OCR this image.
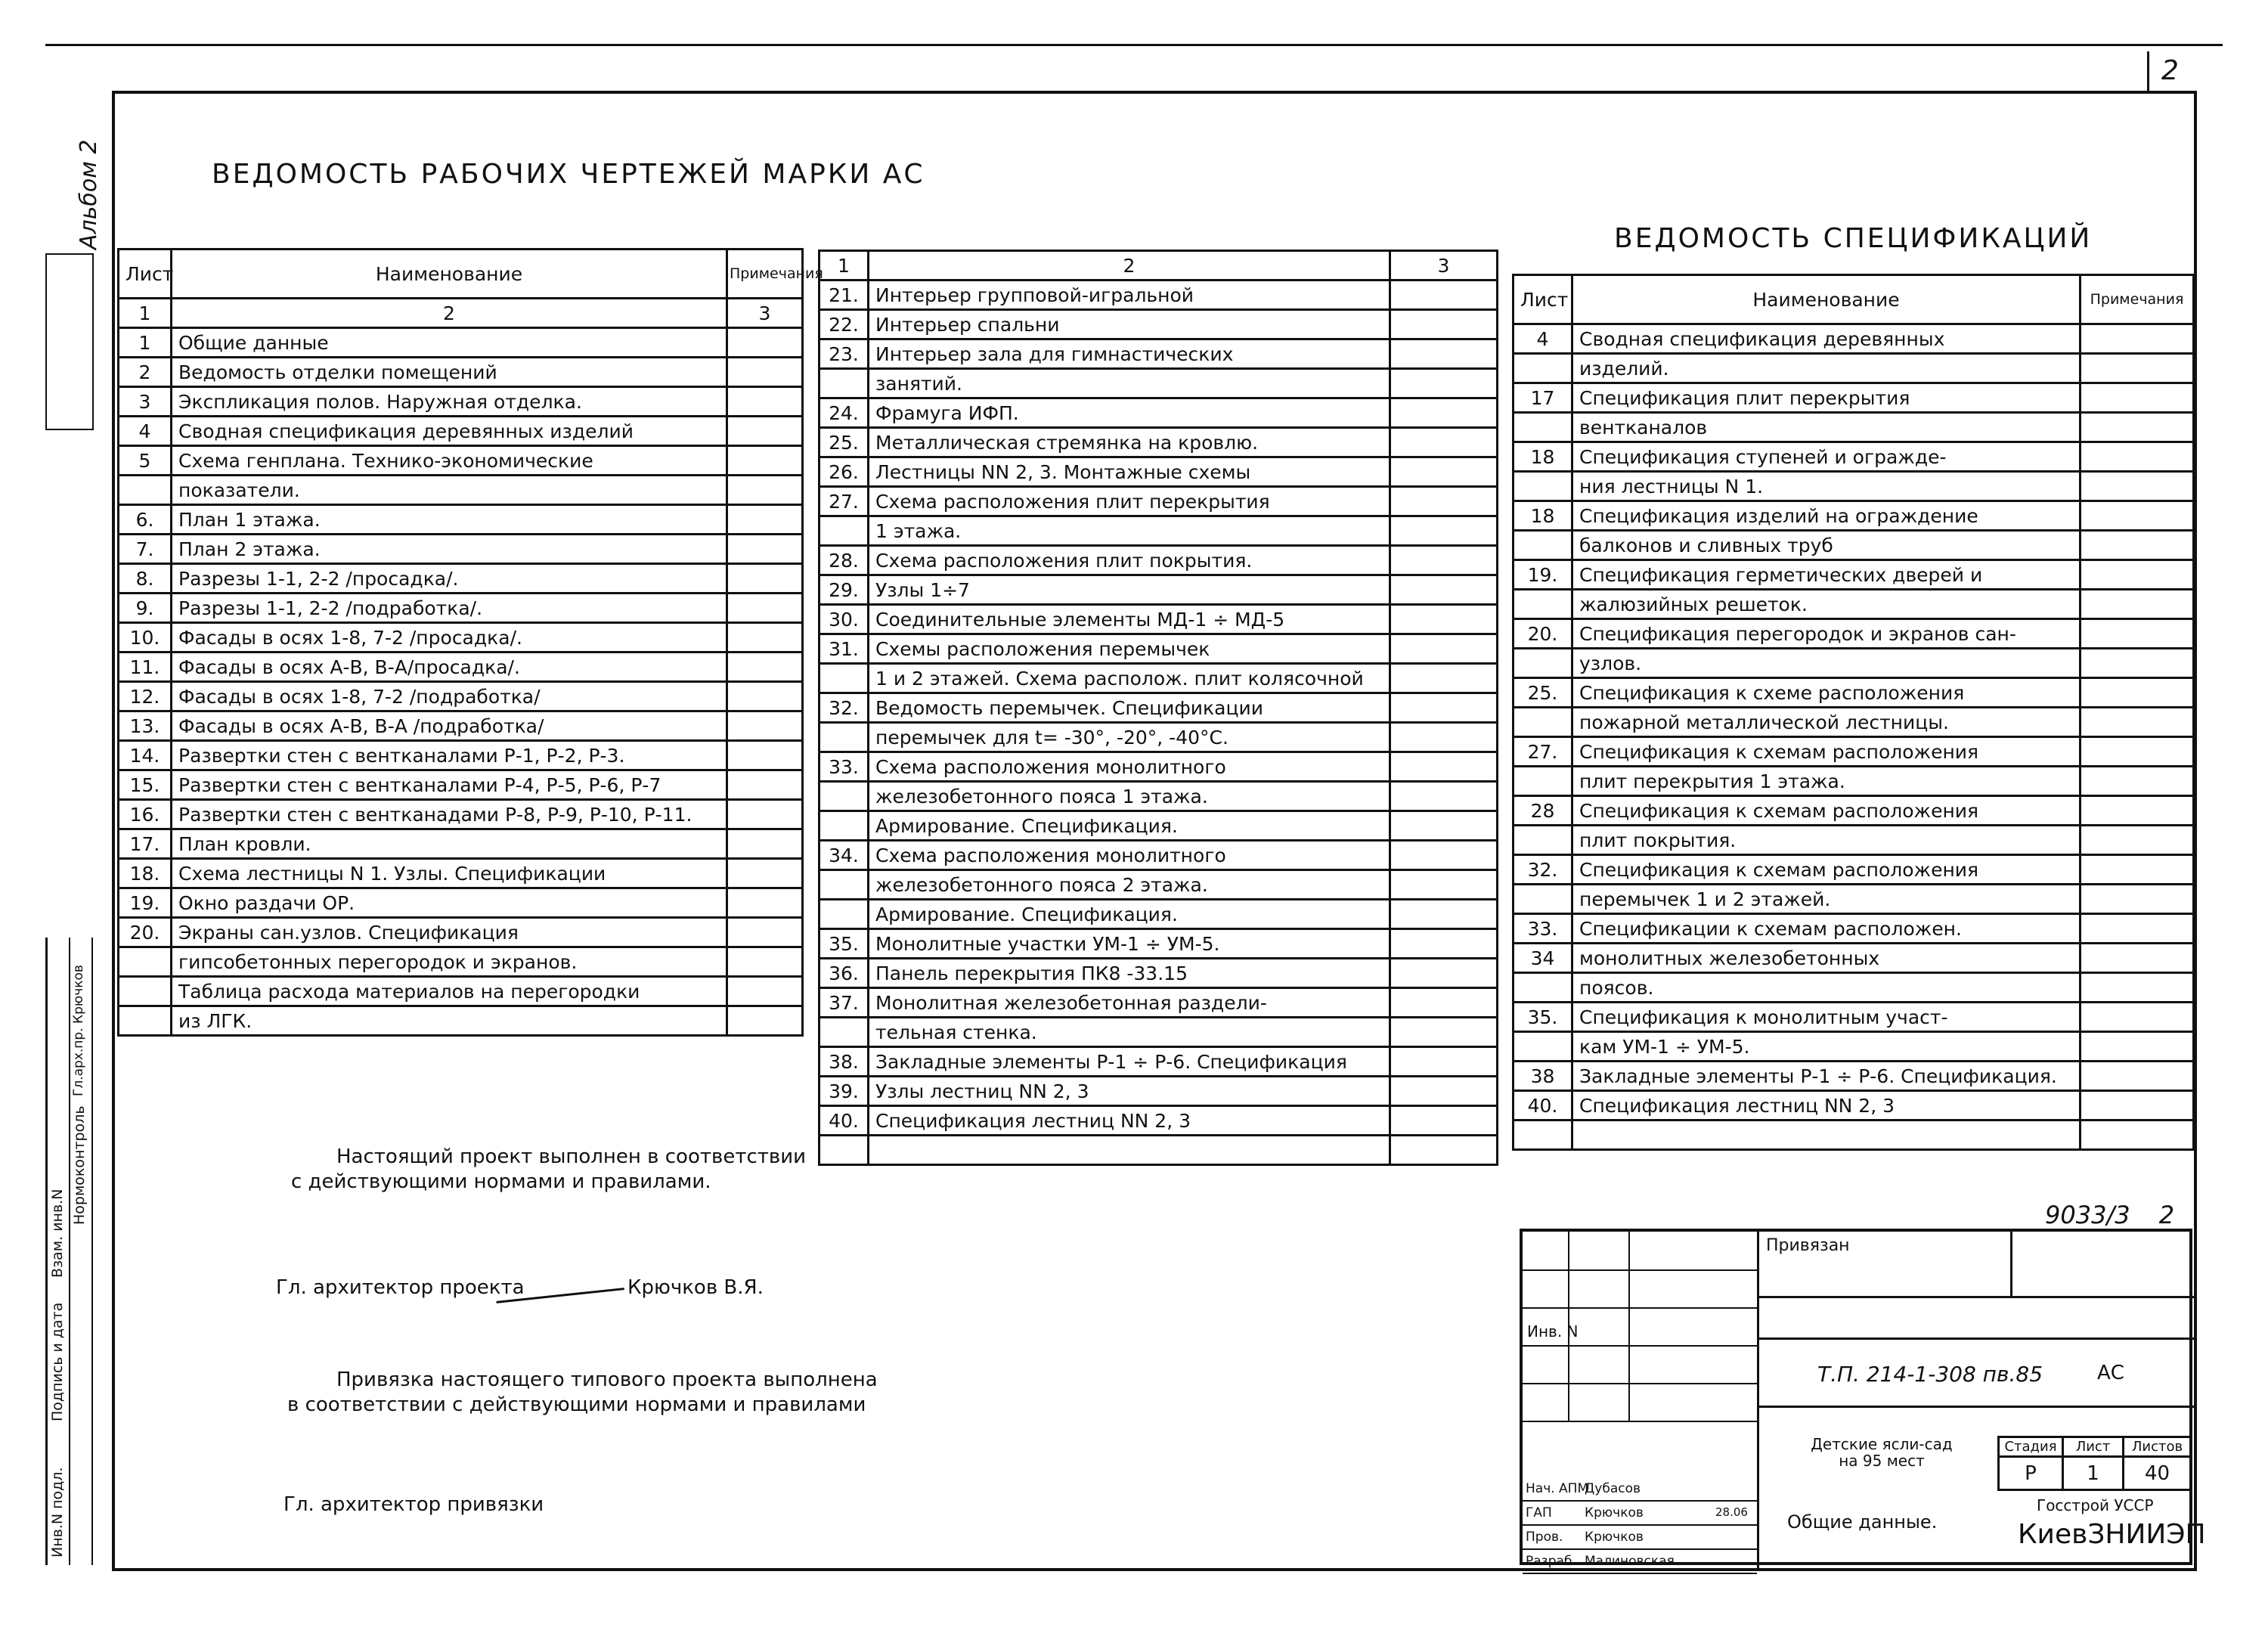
2
Альбом 2
Инв.N подл.
Подпись и дата
Взам. инв.N
Нормоконтроль
Гл.арх.пр. Крючков
ВЕДОМОСТЬ РАБОЧИХ ЧЕРТЕЖЕЙ МАРКИ АС
ВЕДОМОСТЬ СПЕЦИФИКАЦИЙ
Лист	Наименование	Примечания
1	2	3
1	Общие данные	
2	Ведомость отделки помещений	
3	Экспликация полов. Наружная отделка.	
4	Сводная спецификация деревянных изделий	
5	Схема генплана. Технико-экономические	
	показатели.	
6.	План 1 этажа.	
7.	План 2 этажа.	
8.	Разрезы 1-1, 2-2 /просадка/.	
9.	Разрезы 1-1, 2-2 /подработка/.	
10.	Фасады в осях 1-8, 7-2 /просадка/.	
11.	Фасады в осях А-В, В-А/просадка/.	
12.	Фасады в осях 1-8, 7-2 /подработка/	
13.	Фасады в осях А-В, В-А /подработка/	
14.	Развертки стен с вентканалами Р-1, Р-2, Р-3.	
15.	Развертки стен с вентканалами Р-4, Р-5, Р-6, Р-7	
16.	Развертки стен с вентканадами Р-8, Р-9, Р-10, Р-11.	
17.	План кровли.	
18.	Схема лестницы N 1. Узлы. Спецификации	
19.	Окно раздачи ОР.	
20.	Экраны сан.узлов. Спецификация	
	гипсобетонных перегородок и экранов.	
	Таблица расхода материалов на перегородки	
	из ЛГК.	
1	2	3
21.	Интерьер групповой-игральной	
22.	Интерьер спальни	
23.	Интерьер зала для гимнастических	
	занятий.	
24.	Фрамуга ИФП.	
25.	Металлическая стремянка на кровлю.	
26.	Лестницы NN 2, 3. Монтажные схемы	
27.	Схема расположения плит перекрытия	
	1 этажа.	
28.	Схема расположения плит покрытия.	
29.	Узлы 1÷7	
30.	Соединительные элементы МД-1 ÷ МД-5	
31.	Схемы расположения перемычек	
	1 и 2 этажей. Схема располож. плит колясочной	
32.	Ведомость перемычек. Спецификации	
	перемычек для t= -30°, -20°, -40°С.	
33.	Схема расположения монолитного	
	железобетонного пояса 1 этажа.	
	Армирование. Спецификация.	
34.	Схема расположения монолитного	
	железобетонного пояса 2 этажа.	
	Армирование. Спецификация.	
35.	Монолитные участки УМ-1 ÷ УМ-5.	
36.	Панель перекрытия ПК8 -33.15	
37.	Монолитная железобетонная раздели-	
	тельная стенка.	
38.	Закладные элементы Р-1 ÷ Р-6. Спецификация	
39.	Узлы лестниц NN 2, 3	
40.	Спецификация лестниц NN 2, 3	

Лист	Наименование	Примечания
4	Сводная спецификация деревянных	
	изделий.	
17	Спецификация плит перекрытия	
	вентканалов	
18	Спецификация ступеней и огражде-	
	ния лестницы N 1.	
18	Спецификация изделий на ограждение	
	балконов и сливных труб	
19.	Спецификация герметических дверей и	
	жалюзийных решеток.	
20.	Спецификация перегородок и экранов сан-	
	узлов.	
25.	Спецификация к схеме расположения	
	пожарной металлической лестницы.	
27.	Спецификация к схемам расположения	
	плит перекрытия 1 этажа.	
28	Спецификация к схемам расположения	
	плит покрытия.	
32.	Спецификация к схемам расположения	
	перемычек 1 и 2 этажей.	
33.	Спецификации к схемам расположен.	
34	монолитных железобетонных	
	поясов.	
35.	Спецификация к монолитным участ-	
	кам УМ-1 ÷ УМ-5.	
38	Закладные элементы Р-1 ÷ Р-6. Спецификация.	
40.	Спецификация лестниц NN 2, 3	

Настоящий проект выполнен в соответствии
с действующими нормами и правилами.
Гл. архитектор проекта	Крючков В.Я.
Привязка настоящего типового проекта выполнена
в соответствии с действующими нормами и правилами
Гл. архитектор привязки
9033/3 2
Привязан
Инв. N
Т.П. 214-1-308 пв.85	АС
Детские ясли-сад на 95 мест
Общие данные.
Стадия	Лист	Листов
Р	1	40
Госстрой УССР
КиевЗНИИЭП
Нач. АПМ
Дубасов
ГАП	Крючков	28.06
Пров. Крючков
Разраб. Малиновская
